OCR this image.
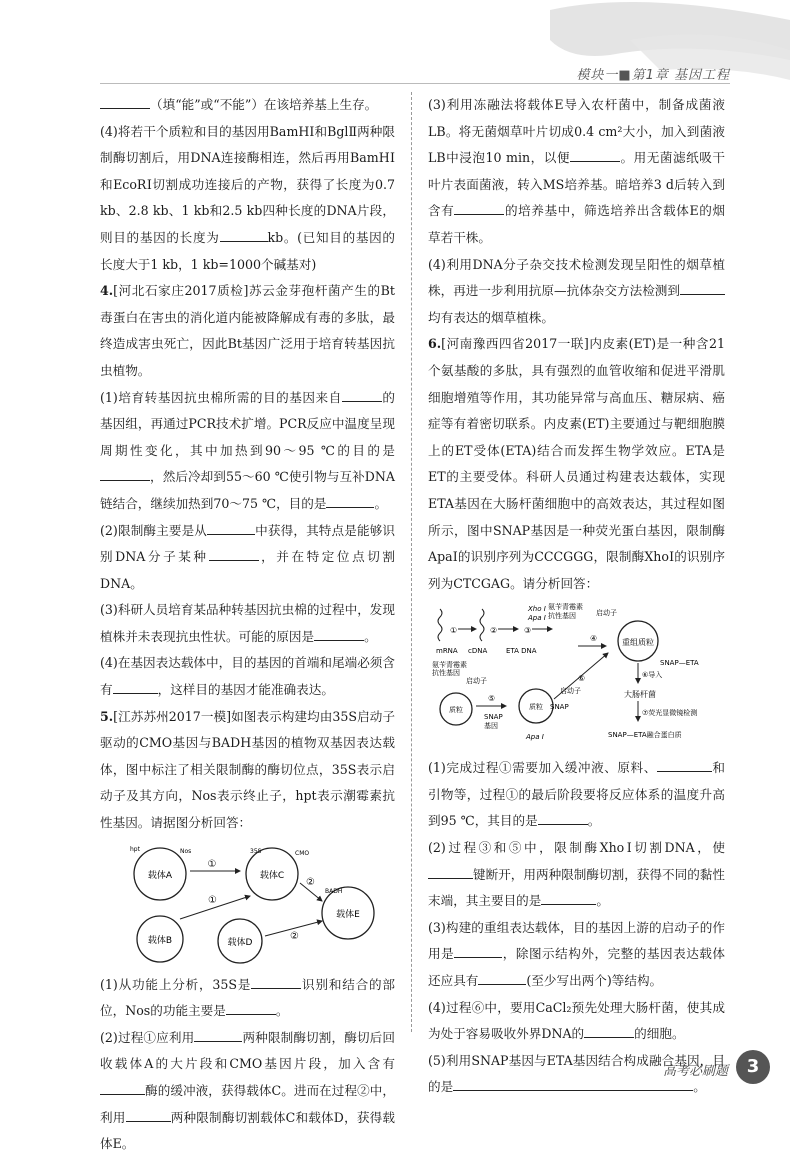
模块一■第1章 基因工程

（填“能”或“不能”）在该培养基上生存。

(4)将若干个质粒和目的基因用BamHⅠ和BglⅡ两种限制酶切割后，用DNA连接酶相连，然后再用BamHⅠ和EcoRⅠ切割成功连接后的产物，获得了长度为0.7 kb、2.8 kb、1 kb和2.5 kb四种长度的DNA片段，则目的基因的长度为	kb。(已知目的基因的长度大于1 kb，1 kb=1000个碱基对)

4.[河北石家庄2017质检]苏云金芽孢杆菌产生的Bt毒蛋白在害虫的消化道内能被降解成有毒的多肽，最终造成害虫死亡，因此Bt基因广泛用于培育转基因抗虫植物。

(1)培育转基因抗虫棉所需的目的基因来自	的基因组，再通过PCR技术扩增。PCR反应中温度呈现周期性变化，其中加热到90～95 ℃的目的是，然后冷却到55～60 ℃使引物与互补DNA链结合，继续加热到70～75 ℃，目的是	。

(2)限制酶主要是从	中获得，其特点是能够识别DNA分子某种	，并在特定位点切割DNA。

(3)科研人员培育某品种转基因抗虫棉的过程中，发现植株并未表现抗虫性状。可能的原因是	。

(4)在基因表达载体中，目的基因的首端和尾端必须含有	，这样目的基因才能准确表达。

5.[江苏苏州2017一模]如图表示构建均由35S启动子驱动的CMO基因与BADH基因的植物双基因表达载体，图中标注了相关限制酶的酶切位点，35S表示启动子及其方向，Nos表示终止子，hpt表示潮霉素抗性基因。请据图分析回答：

载体A	载体C
载体B	载体D
载体E
①
①
②
②
35S
Nos
BADH
hpt
CMO

(1)从功能上分析，35S是	识别和结合的部位，Nos的功能主要是	。

(2)过程①应利用	两种限制酶切割，酶切后回收载体A的大片段和CMO基因片段，加入含有酶的缓冲液，获得载体C。进而在过程②中，利用	两种限制酶切割载体C和载体D，获得载体E。

(3)利用冻融法将载体E导入农杆菌中，制备成菌液LB。将无菌烟草叶片切成0.4 cm²大小，加入到菌液LB中浸泡10 min，以便	。用无菌滤纸吸干叶片表面菌液，转入MS培养基。暗培养3 d后转入到含有	的培养基中，筛选培养出含载体E的烟草若干株。

(4)利用DNA分子杂交技术检测发现呈阳性的烟草植株，再进一步利用抗原—抗体杂交方法检测到均有表达的烟草植株。

6.[河南豫西四省2017一联]内皮素(ET)是一种含21个氨基酸的多肽，具有强烈的血管收缩和促进平滑肌细胞增殖等作用，其功能异常与高血压、糖尿病、癌症等有着密切联系。内皮素(ET)主要通过与靶细胞膜上的ET受体(ETA)结合而发挥生物学效应。ETA是ET的主要受体。科研人员通过构建表达载体，实现ETA基因在大肠杆菌细胞中的高效表达，其过程如图所示，图中SNAP基因是一种荧光蛋白基因，限制酶ApaⅠ的识别序列为CCCGGG，限制酶XhoⅠ的识别序列为CTCGAG。请分析回答：

①	②
mRNA cDNA	ETA DNA
③
Xho Ⅰ
Apa Ⅰ
氨苄青霉素
抗性基因	启动子
④	重组质粒
SNAP—ETA
⑥导入
大肠杆菌
⑦荧光显微镜检测
SNAP—ETA融合蛋白质
氨苄青霉素
抗性基因
启动子
质粒
⑤
SNAP
基因
质粒
启动子
SNAP
Apa Ⅰ
⑥

(1)完成过程①需要加入缓冲液、原料、	和引物等，过程①的最后阶段要将反应体系的温度升高到95 ℃，其目的是	。

(2)过程③和⑤中，限制酶XhoⅠ切割DNA，使键断开，用两种限制酶切割，获得不同的黏性末端，其主要目的是	。

(3)构建的重组表达载体，目的基因上游的启动子的作用是	，除图示结构外，完整的基因表达载体还应具有	(至少写出两个)等结构。

(4)过程⑥中，要用CaCl₂预先处理大肠杆菌，使其成为处于容易吸收外界DNA的	的细胞。

(5)利用SNAP基因与ETA基因结合构成融合基因，目的是	。

高考必刷题	3
